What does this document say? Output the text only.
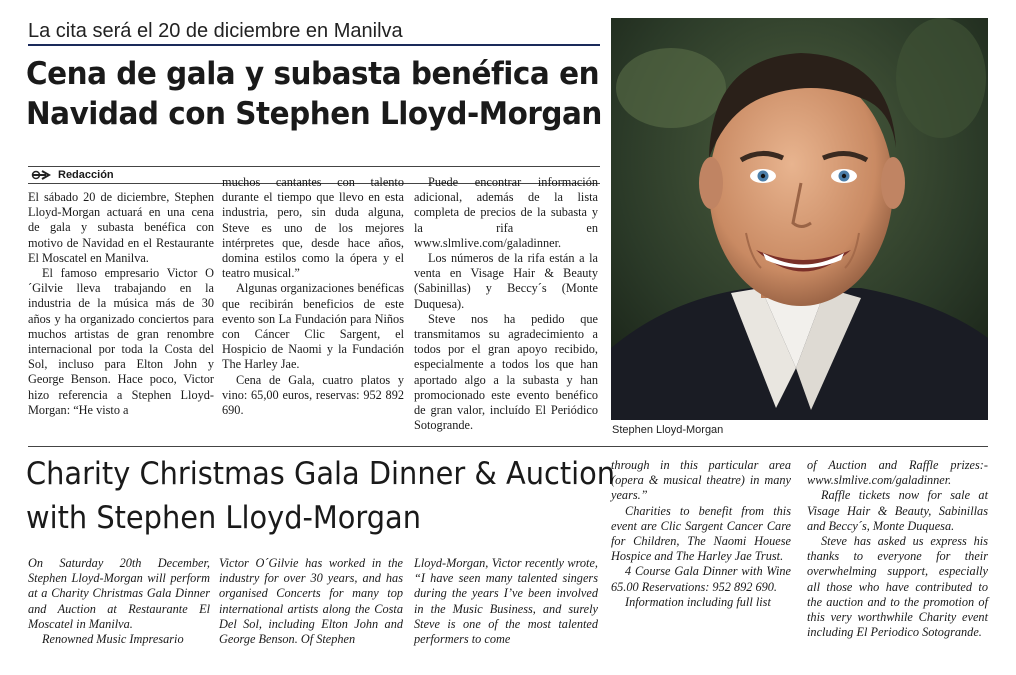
La cita será el 20 de diciembre en Manilva
Cena de gala y subasta benéfica en
Navidad con Stephen Lloyd-Morgan
Redacción

El sábado 20 de diciembre, Stephen Lloyd-Morgan actuará en una cena de gala y subasta benéfica con motivo de Navidad en el Restaurante El Moscatel en Manilva.

El famoso empresario Victor O´Gilvie lleva trabajando en la industria de la música más de 30 años y ha organizado conciertos para muchos artistas de gran renombre internacional por toda la Costa del Sol, incluso para Elton John y George Benson. Hace poco, Victor hizo referencia a Stephen Lloyd-Morgan: “He visto a

muchos cantantes con talento durante el tiempo que llevo en esta industria, pero, sin duda alguna, Steve es uno de los mejores intérpretes que, desde hace años, domina estilos como la ópera y el teatro musical.”

Algunas organizaciones benéficas que recibirán beneficios de este evento son La Fundación para Niños con Cáncer Clic Sargent, el Hospicio de Naomi y la Fundación The Harley Jae.

Cena de Gala, cuatro platos y vino: 65,00 euros, reservas: 952 892 690.

Puede encontrar información adicional, además de la lista completa de precios de la subasta y la rifa en www.slmlive.com/galadinner.

Los números de la rifa están a la venta en Visage Hair & Beauty (Sabinillas) y Beccy´s (Monte Duquesa).

Steve nos ha pedido que transmitamos su agradecimiento a todos por el gran apoyo recibido, especialmente a todos los que han aportado algo a la subasta y han promocionado este evento benéfico de gran valor, incluído El Periódico Sotogrande.	Stephen Lloyd-Morgan
Charity Christmas Gala Dinner & Auction
with Stephen Lloyd-Morgan

On Saturday 20th December, Stephen Lloyd-Morgan will perform at a Charity Christmas Gala Dinner and Auction at Restaurante El Moscatel in Manilva.

Renowned Music Impresario

Victor O´Gilvie has worked in the industry for over 30 years, and has organised Concerts for many top international artists along the Costa Del Sol, including Elton John and George Benson. Of Stephen

Lloyd-Morgan, Victor recently wrote, “I have seen many talented singers during the years I’ve been involved in the Music Business, and surely Steve is one of the most talented performers to come

through in this particular area (opera & musical theatre) in many years.”

Charities to benefit from this event are Clic Sargent Cancer Care for Children, The Naomi Houese Hospice and The Harley Jae Trust.

4 Course Gala Dinner with Wine 65.00 Reservations: 952 892 690.

Information including full list

of Auction and Raffle prizes:- www.slmlive.com/galadinner.

Raffle tickets now for sale at Visage Hair & Beauty, Sabinillas and Beccy´s, Monte Duquesa.

Steve has asked us express his thanks to everyone for their overwhelming support, especially all those who have contributed to the auction and to the promotion of this very worthwhile Charity event including El Periodico Sotogrande.
